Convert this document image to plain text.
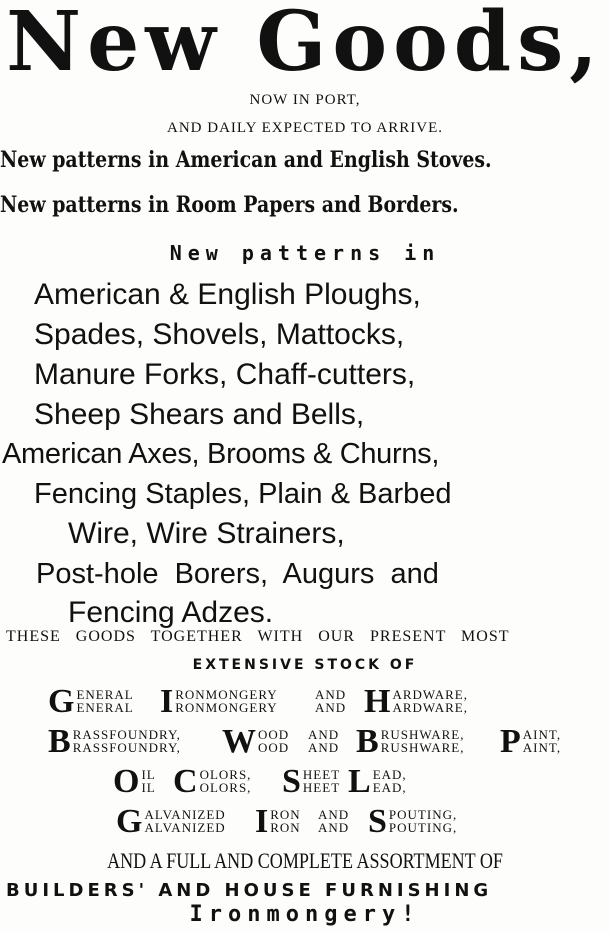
New Goods,
NOW IN PORT,
AND DAILY EXPECTED TO ARRIVE.
New patterns in American and English Stoves.
New patterns in Room Papers and Borders.
New patterns in
American & English Ploughs,
Spades, Shovels, Mattocks,
Manure Forks, Chaff-cutters,
Sheep Shears and Bells,
American Axes, Brooms & Churns,
Fencing Staples, Plain & Barbed
Wire, Wire Strainers,
Post-hole Borers, Augurs and
Fencing Adzes.
THESE GOODS TOGETHER WITH OUR PRESENT MOST
EXTENSIVE STOCK OF
G ENERAL
ENERAL I RONMONGERY
RONMONGERY
AND
AND H ARDWARE,
ARDWARE,
B RASSFOUNDRY,
RASSFOUNDRY, W OOD
OOD
AND
AND B RUSHWARE,
RUSHWARE, P AINT,
AINT,
O IL
IL C OLORS,
OLORS, S HEET
HEET L EAD,
EAD,
G ALVANIZED
ALVANIZED I RON
RON
AND
AND S POUTING,
POUTING,
AND A FULL AND COMPLETE ASSORTMENT OF
BUILDERS' AND HOUSE FURNISHING
Ironmongery!
